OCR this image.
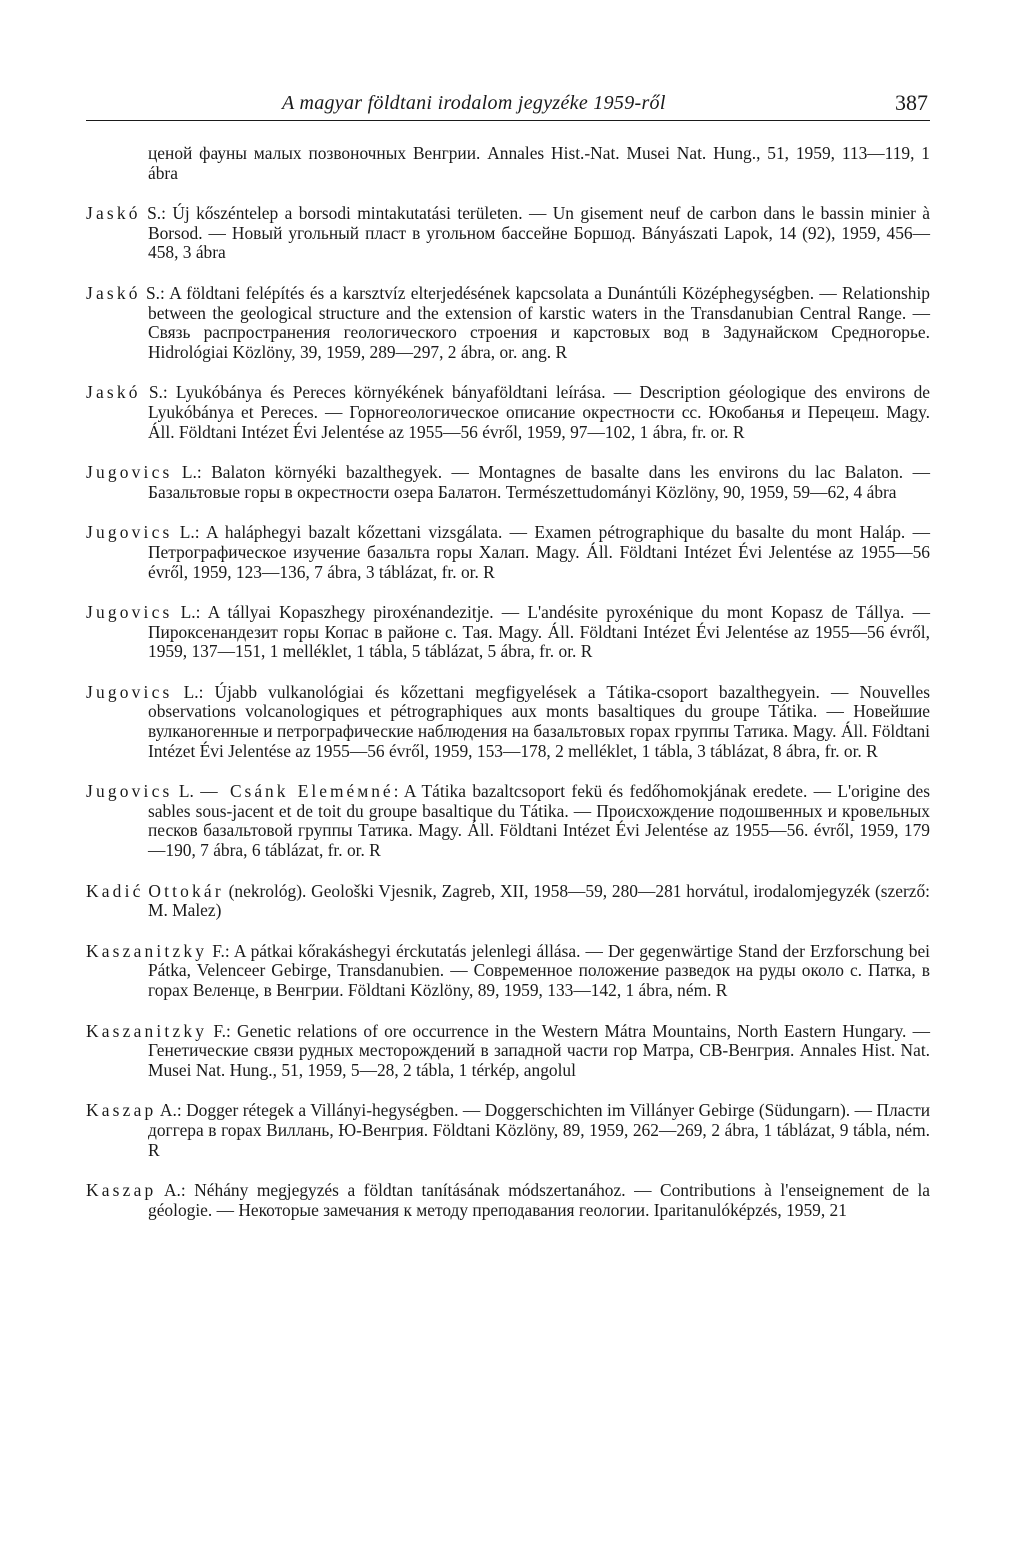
A magyar földtani irodalom jegyzéke 1959-ről	387

ценой фауны малых позвоночных Венгрии. Annales Hist.-Nat. Musei Nat. Hung., 51, 1959, 113—119, 1 ábra

Jaskó S.: Új kőszéntelep a borsodi mintakutatási területen. — Un gisement neuf de carbon dans le bassin minier à Borsod. — Новый угольный пласт в угольном бассейне Боршод. Bányászati Lapok, 14 (92), 1959, 456—458, 3 ábra

Jaskó S.: A földtani felépítés és a karsztvíz elterjedésének kapcsolata a Dunántúli Középhegységben. — Relationship between the geological structure and the extension of karstic waters in the Transdanubian Central Range. — Связь распространения геологического строения и карстовых вод в Задунайском Средногорье. Hidrológiai Közlöny, 39, 1959, 289—297, 2 ábra, or. ang. R

Jaskó S.: Lyukóbánya és Pereces környékének bányaföldtani leírása. — Description géologique des environs de Lyukóbánya et Pereces. — Горногеологическое описание окрестности сс. Юкобанья и Перецеш. Magy. Áll. Földtani Intézet Évi Jelentése az 1955—56 évről, 1959, 97—102, 1 ábra, fr. or. R

Jugovics L.: Balaton környéki bazalthegyek. — Montagnes de basalte dans les environs du lac Balaton. — Базальтовые горы в окрестности озера Балатон. Természettudományi Közlöny, 90, 1959, 59—62, 4 ábra

Jugovics L.: A haláphegyi bazalt kőzettani vizsgálata. — Examen pétrographique du basalte du mont Haláp. — Петрографическое изучение базальта горы Халап. Magy. Áll. Földtani Intézet Évi Jelentése az 1955—56 évről, 1959, 123—136, 7 ábra, 3 táblázat, fr. or. R

Jugovics L.: A tállyai Kopaszhegy piroxénandezitje. — L'andésite pyroxénique du mont Kopasz de Tállya. — Пироксенандезит горы Копас в районе с. Тая. Magy. Áll. Földtani Intézet Évi Jelentése az 1955—56 évről, 1959, 137—151, 1 melléklet, 1 tábla, 5 táblázat, 5 ábra, fr. or. R

Jugovics L.: Újabb vulkanológiai és kőzettani megfigyelések a Tátika-csoport bazalthegyein. — Nouvelles observations volcanologiques et pétrographiques aux monts basaltiques du groupe Tátika. — Новейшие вулканогенные и петрографические наблюдения на базальтовых горах группы Татика. Magy. Áll. Földtani Intézet Évi Jelentése az 1955—56 évről, 1959, 153—178, 2 melléklet, 1 tábla, 3 táblázat, 8 ábra, fr. or. R

Jugovics L. — Csánk Eleméмné: A Tátika bazaltcsoport fekü és fedőhomokjának eredete. — L'origine des sables sous-jacent et de toit du groupe basaltique du Tátika. — Происхождение подошвенных и кровельных песков базальтовой группы Татика. Magy. Áll. Földtani Intézet Évi Jelentése az 1955—56. évről, 1959, 179—190, 7 ábra, 6 táblázat, fr. or. R

Kadić Ottokár (nekrológ). Geološki Vjesnik, Zagreb, XII, 1958—59, 280—281 horvátul, irodalomjegyzék (szerző: M. Malez)

Kaszanitzky F.: A pátkai kőrakáshegyi érckutatás jelenlegi állása. — Der gegenwärtige Stand der Erzforschung bei Pátka, Velenceer Gebirge, Transdanubien. — Современное положение разведок на руды около с. Патка, в горах Веленце, в Венгрии. Földtani Közlöny, 89, 1959, 133—142, 1 ábra, ném. R

Kaszanitzky F.: Genetic relations of ore occurrence in the Western Mátra Mountains, North Eastern Hungary. — Генетические связи рудных месторождений в западной части гор Матра, СВ-Венгрия. Annales Hist. Nat. Musei Nat. Hung., 51, 1959, 5—28, 2 tábla, 1 térkép, angolul

Kaszap A.: Dogger rétegek a Villányi-hegységben. — Doggerschichten im Villányer Gebirge (Südungarn). — Пласти доггера в горах Виллань, Ю-Венгрия. Földtani Közlöny, 89, 1959, 262—269, 2 ábra, 1 táblázat, 9 tábla, ném. R

Kaszap A.: Néhány megjegyzés a földtan tanításának módszertanához. — Contributions à l'enseignement de la géologie. — Некоторые замечания к методу преподавания геологии. Iparitanulóképzés, 1959, 21
